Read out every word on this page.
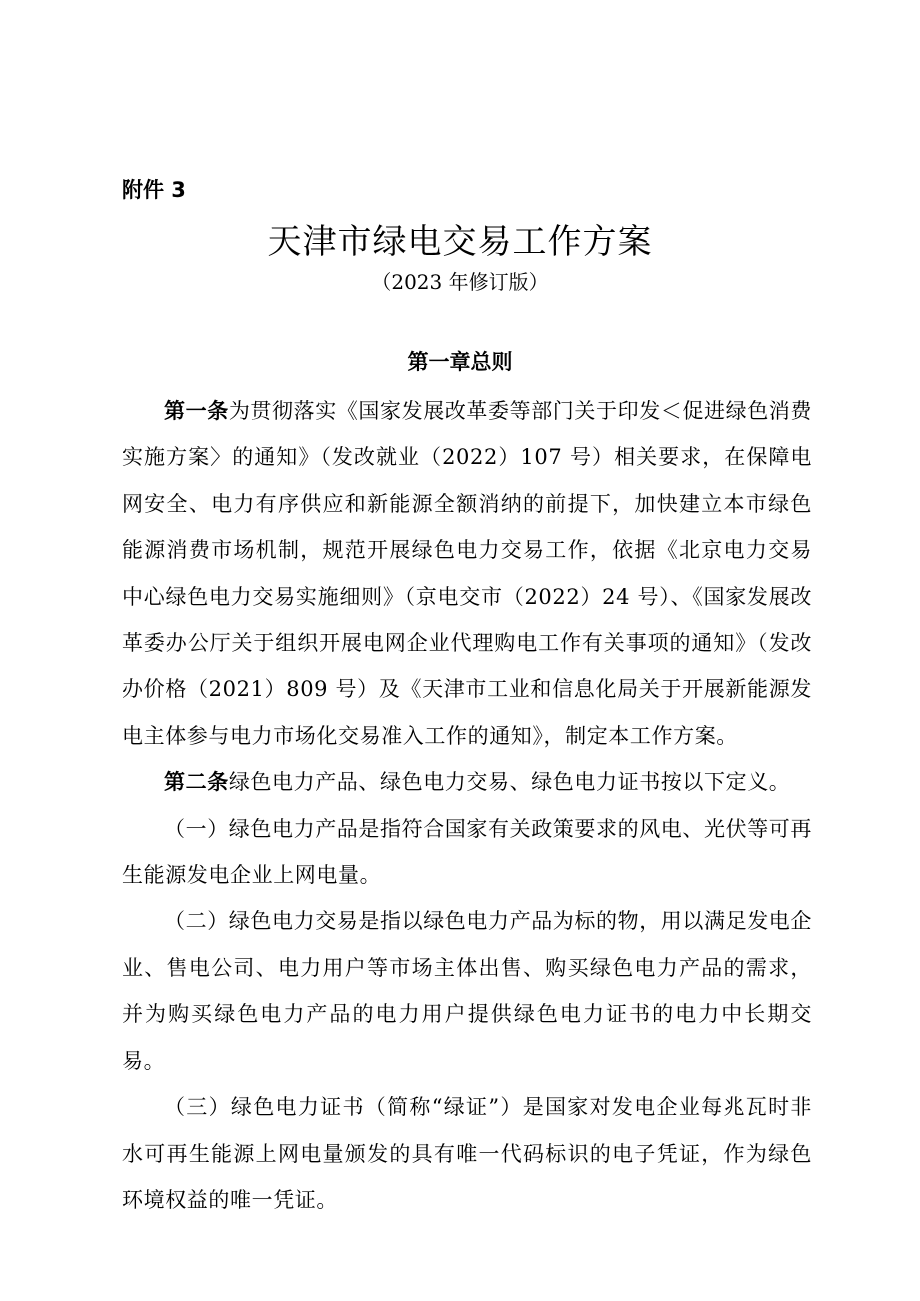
附件 3
天津市绿电交易工作方案
（2023 年修订版）
第一章总则

第一条为贯彻落实《国家发展改革委等部门关于印发＜促进绿色消费实施方案〉的通知》（发改就业（2022）107 号）相关要求，在保障电网安全、电力有序供应和新能源全额消纳的前提下，加快建立本市绿色能源消费市场机制，规范开展绿色电力交易工作，依据《北京电力交易中心绿色电力交易实施细则》（京电交市（2022）24 号）、《国家发展改革委办公厅关于组织开展电网企业代理购电工作有关事项的通知》（发改办价格（2021）809 号）及《天津市工业和信息化局关于开展新能源发电主体参与电力市场化交易准入工作的通知》，制定本工作方案。

第二条绿色电力产品、绿色电力交易、绿色电力证书按以下定义。

（一）绿色电力产品是指符合国家有关政策要求的风电、光伏等可再生能源发电企业上网电量。

（二）绿色电力交易是指以绿色电力产品为标的物，用以满足发电企业、售电公司、电力用户等市场主体出售、购买绿色电力产品的需求，并为购买绿色电力产品的电力用户提供绿色电力证书的电力中长期交易。

（三）绿色电力证书（简称“绿证”）是国家对发电企业每兆瓦时非水可再生能源上网电量颁发的具有唯一代码标识的电子凭证，作为绿色环境权益的唯一凭证。
